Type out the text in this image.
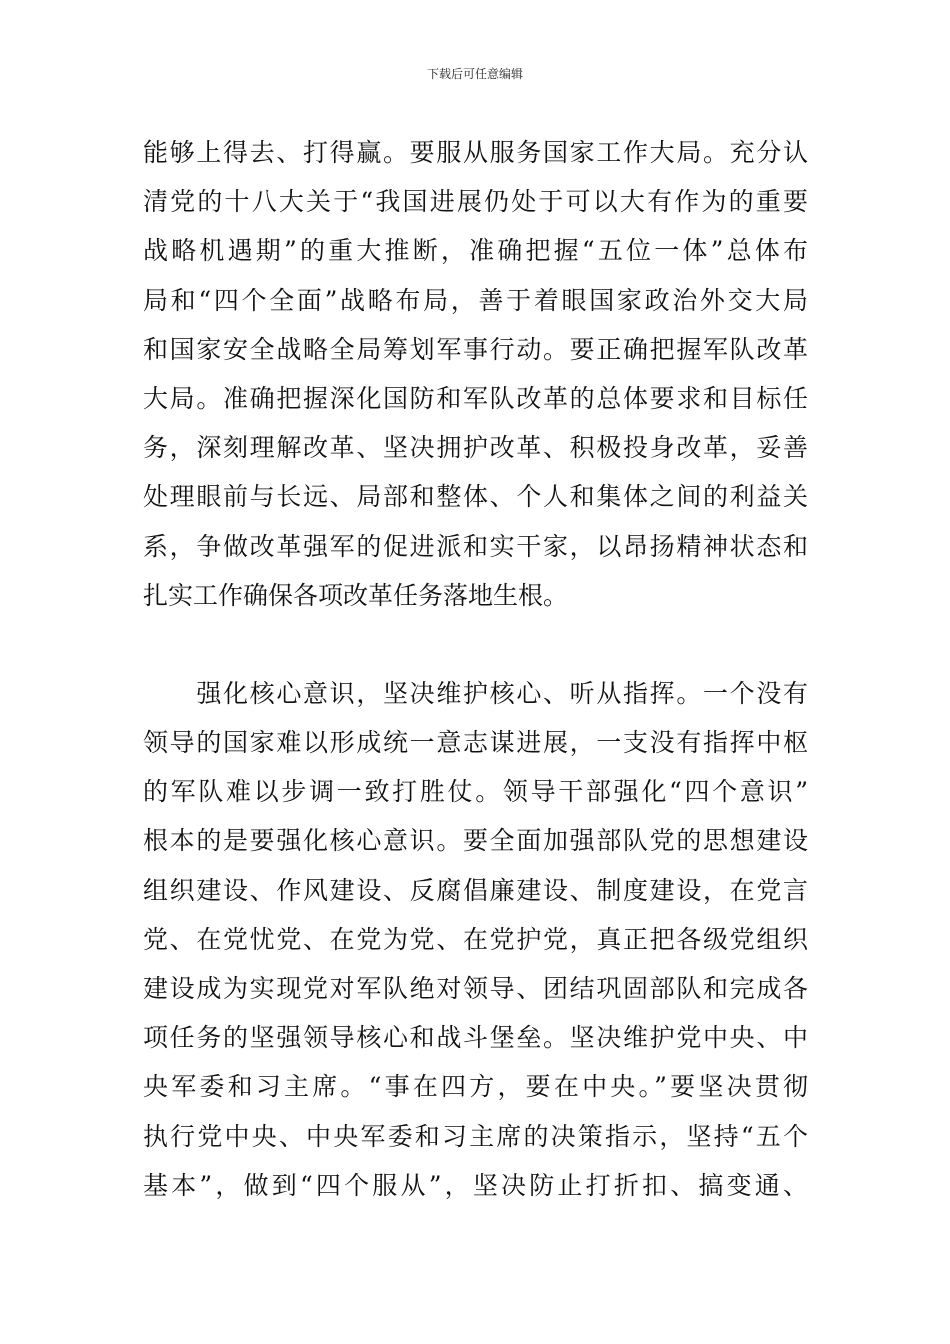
下载后可任意编辑
能够上得去、打得赢。要服从服务国家工作大局。充分认
清党的十八大关于“我国进展仍处于可以大有作为的重要
战略机遇期”的重大推断，准确把握“五位一体”总体布
局和“四个全面”战略布局，善于着眼国家政治外交大局
和国家安全战略全局筹划军事行动。要正确把握军队改革
大局。准确把握深化国防和军队改革的总体要求和目标任
务，深刻理解改革、坚决拥护改革、积极投身改革，妥善
处理眼前与长远、局部和整体、个人和集体之间的利益关
系，争做改革强军的促进派和实干家，以昂扬精神状态和
扎实工作确保各项改革任务落地生根。
　　强化核心意识，坚决维护核心、听从指挥。一个没有
领导的国家难以形成统一意志谋进展，一支没有指挥中枢
的军队难以步调一致打胜仗。领导干部强化“四个意识”
根本的是要强化核心意识。要全面加强部队党的思想建设
组织建设、作风建设、反腐倡廉建设、制度建设，在党言
党、在党忧党、在党为党、在党护党，真正把各级党组织
建设成为实现党对军队绝对领导、团结巩固部队和完成各
项任务的坚强领导核心和战斗堡垒。坚决维护党中央、中
央军委和习主席。“事在四方，要在中央。”要坚决贯彻
执行党中央、中央军委和习主席的决策指示，坚持“五个
基本”，做到“四个服从”，坚决防止打折扣、搞变通、
